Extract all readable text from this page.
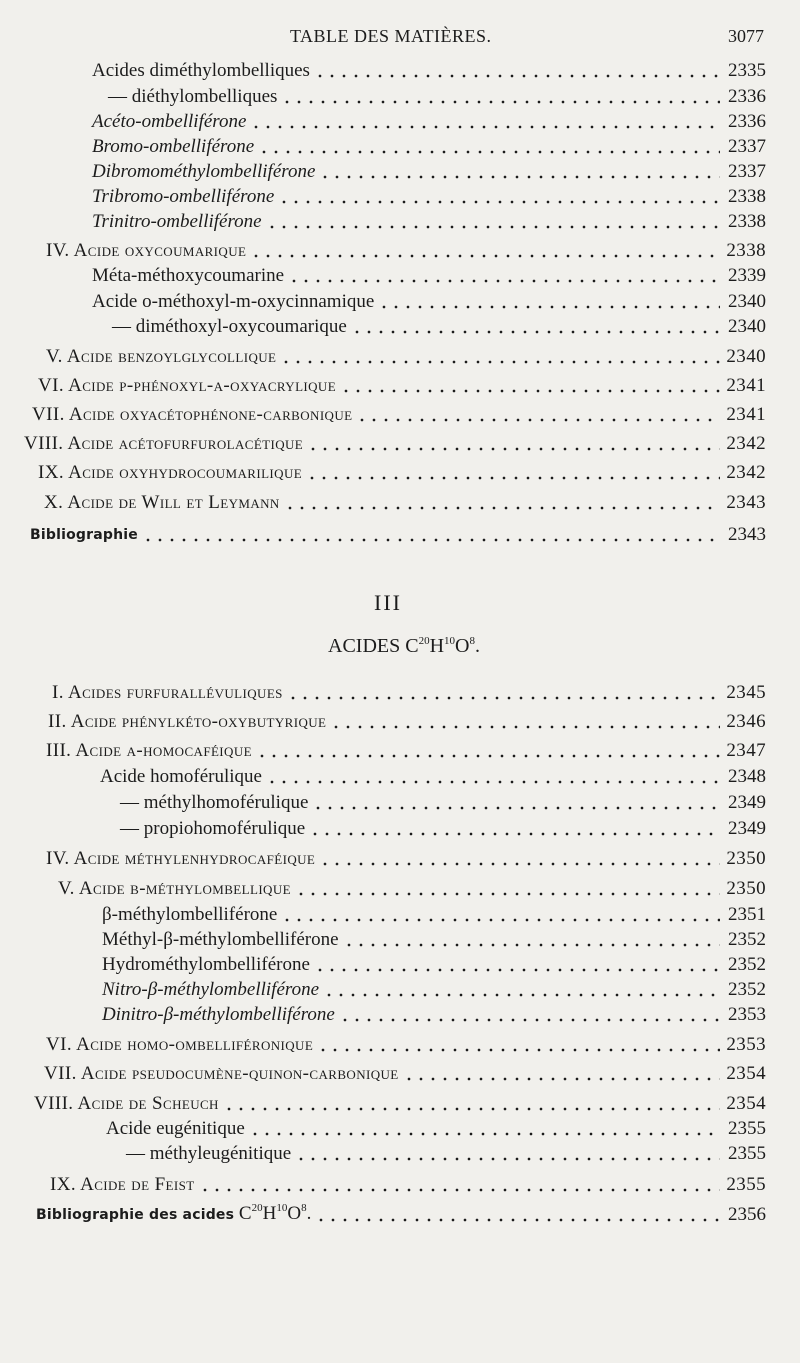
TABLE DES MATIÈRES.	3077
Acides diméthylombelliques	2335
— diéthylombelliques	2336
Acéto-ombelliférone	2336
Bromo-ombelliférone	2337
Dibromométhylombelliférone	2337
Tribromo-ombelliférone	2338
Trinitro-ombelliférone	2338
IV. Acide oxycoumarique	2338
Méta-méthoxycoumarine	2339
Acide o-méthoxyl-m-oxycinnamique	2340
— diméthoxyl-oxycoumarique	2340
V. Acide benzoylglycollique	2340
VI. Acide p-phénoxyl-α-oxyacrylique	2341
VII. Acide oxyacétophénone-carbonique	2341
VIII. Acide acétofurfurolacétique	2342
IX. Acide oxyhydrocoumarilique	2342
X. Acide de Will et Leymann	2343
Bibliographie	2343
III
ACIDES $C^{20}H^{10}O^8$.
I. Acides furfurallévuliques	2345
II. Acide phénylkéto-oxybutyrique	2346
III. Acide α-homocaféique	2347
Acide homoférulique	2348
— méthylhomoférulique	2349
— propiohomoférulique	2349
IV. Acide méthylenhydrocaféique	2350
V. Acide β-méthylombellique	2350
β-méthylombelliférone	2351
Méthyl-β-méthylombelliférone	2352
Hydrométhylombelliférone	2352
Nitro-β-méthylombelliférone	2352
Dinitro-β-méthylombelliférone	2353
VI. Acide homo-ombelliféronique	2353
VII. Acide pseudocumène-quinon-carbonique	2354
VIII. Acide de Scheuch	2354
Acide eugénitique	2355
— méthyleugénitique	2355
IX. Acide de Feist	2355
Bibliographie des acides $C^{20}H^{10}O^8$.	2356
